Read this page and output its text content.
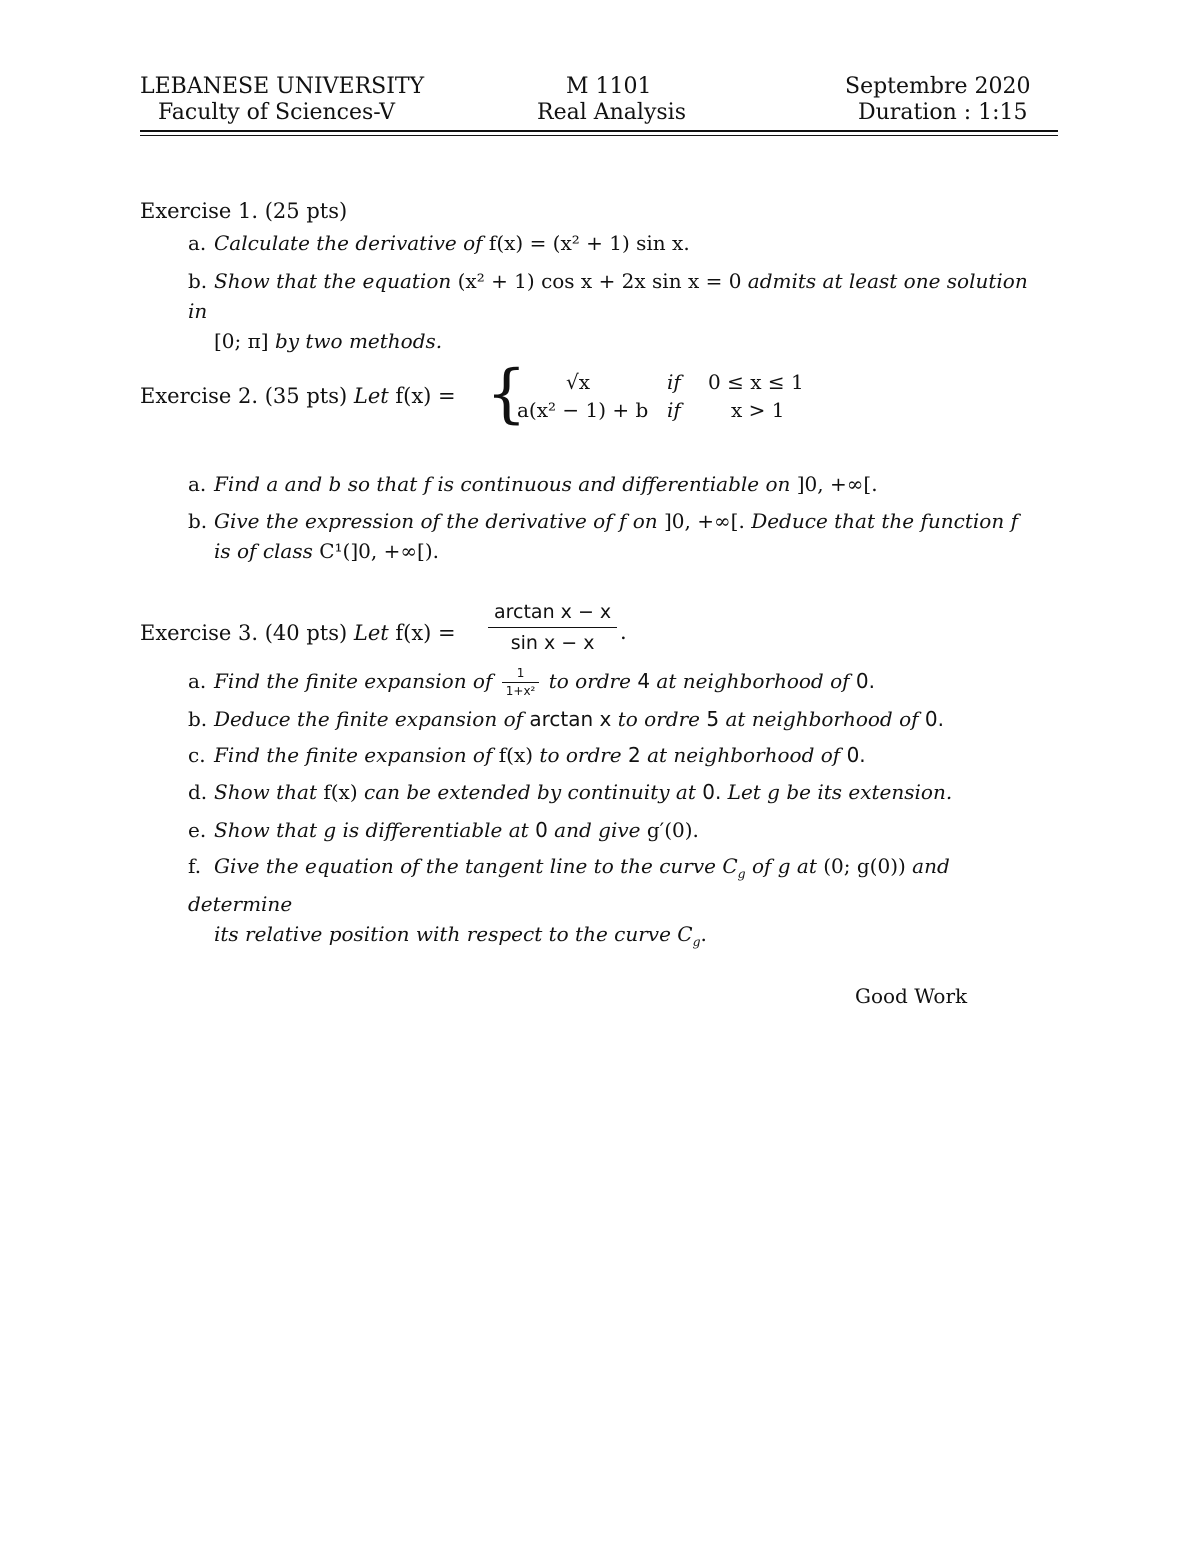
LEBANESE UNIVERSITY
Faculty of Sciences-V
M 1101
Real Analysis
Septembre 2020
Duration : 1:15
Exercise 1. (25 pts)
a. Calculate the derivative of f(x) = (x² + 1) sin x.
b. Show that the equation (x² + 1) cos x + 2x sin x = 0 admits at least one solution in
[0; π] by two methods.
Exercise 2. (35 pts) Let f(x) = { √x	if 0 ≤ x ≤ 1
a(x² − 1) + b if	x > 1
a. Find a and b so that f is continuous and differentiable on ]0, +∞[.
b. Give the expression of the derivative of f on ]0, +∞[. Deduce that the function f
is of class C¹(]0, +∞[).
Exercise 3. (40 pts) Let $f(x) = \frac{\text{arctan x − x}}{\text{sin x − x}}$ .
a. Find the finite expansion of $\frac{1}{\text{1+x²}}$ to ordre 4 at neighborhood of 0.
b. Deduce the finite expansion of arctan x to ordre 5 at neighborhood of 0.
c. Find the finite expansion of f(x) to ordre 2 at neighborhood of 0.
d. Show that f(x) can be extended by continuity at 0. Let g be its extension.
e. Show that g is differentiable at 0 and give g′(0).
f. Give the equation of the tangent line to the curve $C_g$ of g at (0; g(0)) and determine
its relative position with respect to the curve $C_g$.
Good Work
